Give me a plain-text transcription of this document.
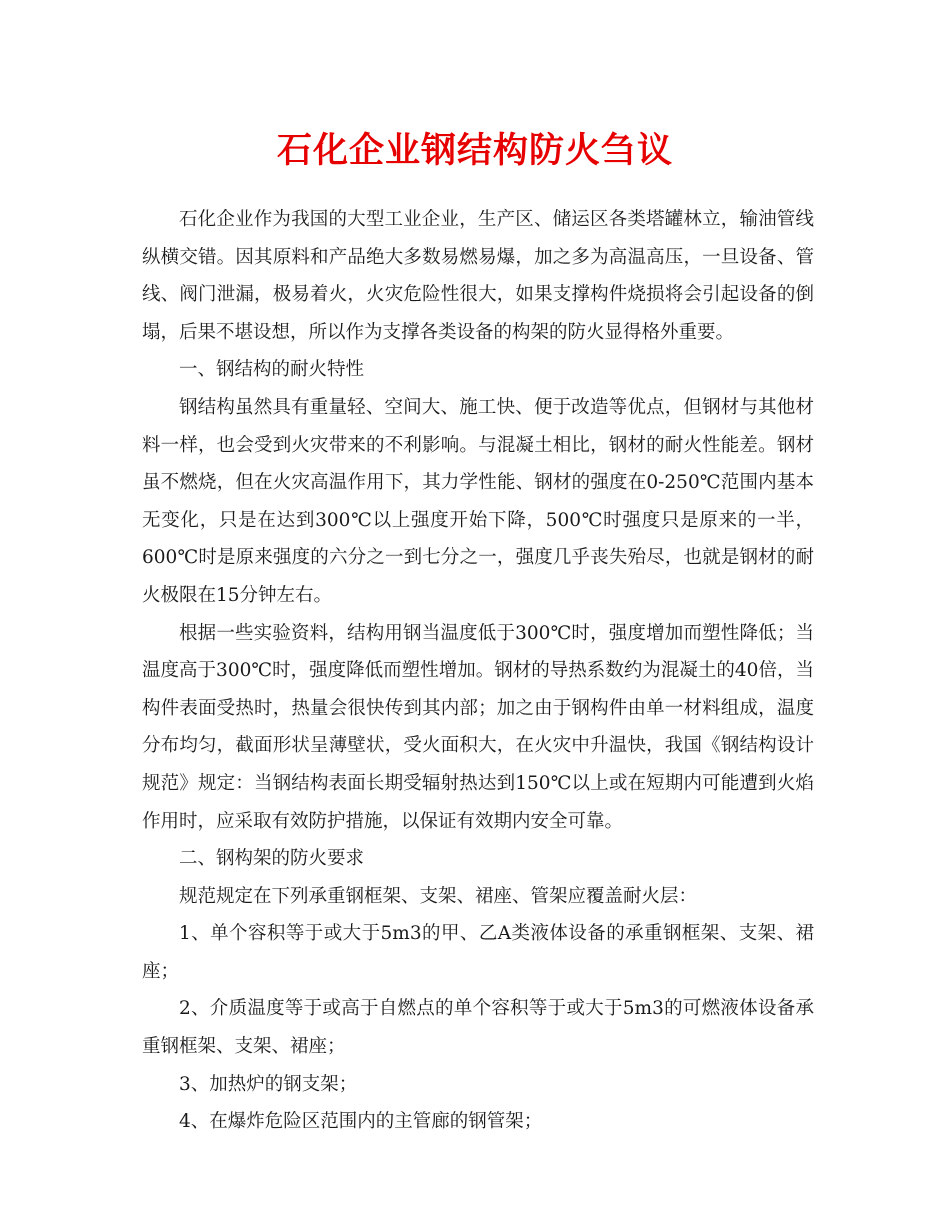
石化企业钢结构防火刍议

石化企业作为我国的大型工业企业，生产区、储运区各类塔罐林立，输油管线纵横交错。因其原料和产品绝大多数易燃易爆，加之多为高温高压，一旦设备、管线、阀门泄漏，极易着火，火灾危险性很大，如果支撑构件烧损将会引起设备的倒塌，后果不堪设想，所以作为支撑各类设备的构架的防火显得格外重要。

一、钢结构的耐火特性

钢结构虽然具有重量轻、空间大、施工快、便于改造等优点，但钢材与其他材料一样，也会受到火灾带来的不利影响。与混凝土相比，钢材的耐火性能差。钢材虽不燃烧，但在火灾高温作用下，其力学性能、钢材的强度在0-250℃范围内基本无变化，只是在达到300℃以上强度开始下降，500℃时强度只是原来的一半，600℃时是原来强度的六分之一到七分之一，强度几乎丧失殆尽，也就是钢材的耐火极限在15分钟左右。

根据一些实验资料，结构用钢当温度低于300℃时，强度增加而塑性降低；当温度高于300℃时，强度降低而塑性增加。钢材的导热系数约为混凝土的40倍，当构件表面受热时，热量会很快传到其内部；加之由于钢构件由单一材料组成，温度分布均匀，截面形状呈薄壁状，受火面积大，在火灾中升温快，我国《钢结构设计规范》规定：当钢结构表面长期受辐射热达到150℃以上或在短期内可能遭到火焰作用时，应采取有效防护措施，以保证有效期内安全可靠。

二、钢构架的防火要求

规范规定在下列承重钢框架、支架、裙座、管架应覆盖耐火层：

1、单个容积等于或大于5m3的甲、乙A类液体设备的承重钢框架、支架、裙座；

2、介质温度等于或高于自燃点的单个容积等于或大于5m3的可燃液体设备承重钢框架、支架、裙座；

3、加热炉的钢支架；

4、在爆炸危险区范围内的主管廊的钢管架；
